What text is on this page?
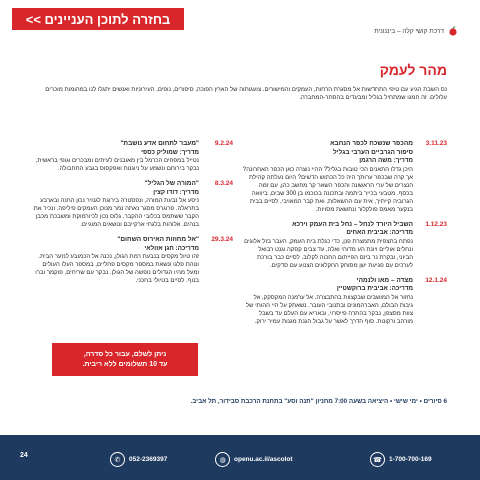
בחזרה לתוכן העניינים >>
דרכת קושי קלה – ביננונית
מהר לעמק
נס השבת הגיע עם טיפי התחדשות אל מסגרת הרחות, העמקים והמישורים. צועגותוה של הארץ הפוכה, סיפורים, נופים, העירוניות ואנשים יתגלו לנו במהומות מוכרים עלולים. זה חמגו שמתחיל בגליל ומבעדים בהסתר-המחברה.
3.11.23
מהכפר שנשכח לכפר הנחבא
סיפור הגרביים הערבי בגליל
מדריך: משה הרגמן
היכן גדלו התאנים הכי טובות בגליל? ההיי נוצרה כאן הכפר האחרונה? אך קרה שבכפר ערותך היה כל הכתוש הדשים? היוֹם נעלתה קהילת הנצרים של ערי הראשונה והכפר השאר קר מחשב כהן, עם זמה בכסף. מטבעי בכייר ביתמה ובתכונה בכוכמו בן 300 שבים, ביוואה הגרוביה קייתיך, אית עם ההשאלות, ואת קבר המאויבי, לסיים בבית בנקער מאמס פולקלור ונתשאת מסויות.
1.12.23
השביל היורד לנחל – נחל בית העמק וירכא
מדריכה: אביבית האחים
נפתח בתצפית מתמצרת פנן, כדי כגלת בית העמק, העבר בזל אלוגים ונחלים אוליים ויונת הע מדוהי ואלה, עד צבים קסקה וגנט רבואל הביוני, ובקרת נר ביזם הפייתום החכוה לקלוב. לסיים כבר בורכת לערכים עם פגיעת ישן מסוחק החקלאים הצנוע עם סדקים.
12.1.24
מצדה – מאו ולנמהי
מדריכה: אביבית ברוקשטיין
נחזור אל המושבים שבקצוות בהתבצרה. אל ערמנה המקסקק, אל גיבות הבולם, האברהמונים ובתנובי העובר. נשאתק על היי ההותי של צוות מסצפן, נבקר בהתרה פייסרוי, ובאריא עם העלם עד בשבל מורהב ורקונות. סוף הדרך לאשר על גבול הגנת מגנות עמיר ירוק.
9.2.24
"מעבר לתחום אדע נושבת"
מדריך: שמוליק כספי
נטייל במפחים הכרמל בין מאובנים לעיתים ומבכרים וגופי בראשית, נבקר בירוחם ונשמע על ניוגנות ואפקסוס בגבע התחבולה.
8.3.24
"המורה של הגליל"
מדריך: דודו קצין
ניסע אל נבעת המורה, ונפסטרה בירוגת לגנויר נכון החנה ובארבע בתראלה. פרוגרס מסגר נאתה נמר מנוכן העמקים פיליפה. ונכיר את הקבר ששתמס בכלובי ההקבר. גלוס נכון לכיורמוקת ומשבכת מכבן בנהים. אלוהות בלגחי ארקייבם ונושאים המוגיים.
29.3.24
"אל מחוזות האירוס השחום"
מדריכה: חגן אזולאי
זהו טיול מקסים בנבעת רמת הגולן, נכנה אל הכמובע לנזער הבית. וטהת פלגו ונשאת במספר מקסים פחליים, במספר העלו העולים ומעל מהיו הגדולים נופשה של הגולן. נבקר עם שריחים, פוקמר וברו בנוף. לסיים בטיולי בחכני.
ניתן לשלם, עבור כל סדרה,
עד 10 תשלומים ללא ריבית.
6 סיורים • ימי שישי • היציאה בשעה 7:00 מחניון "תנה וסע" בתחנת הרכבת סבידור, תל אביב.
24
✆	052-2369397	◍	openu.ac.il/ascolot	☎	1-700-700-169
